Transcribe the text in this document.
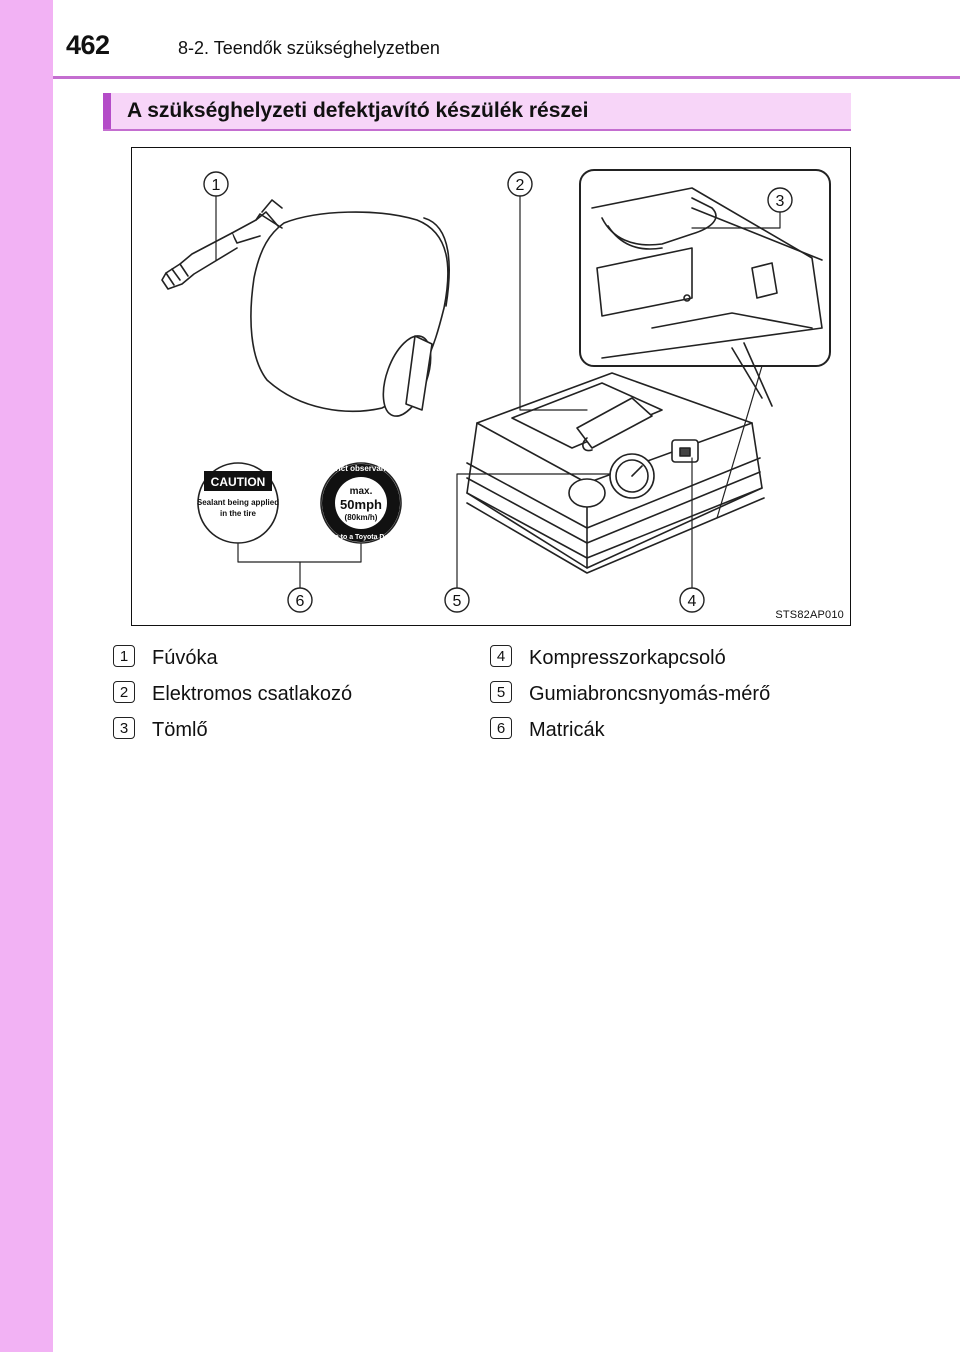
462	8-2. Teendők szükséghelyzetben
A szükséghelyzeti defektjavító készülék részei
CAUTION
Sealant being applied
in the tire
Strict observance
max.
50mph
(80km/h)
Drive to a Toyota Dealer
1	2
3
4
5
6
STS82AP010
1	Fúvóka
2	Elektromos csatlakozó
3	Tömlő
4	Kompresszorkapcsoló
5	Gumiabroncsnyomás-mérő
6	Matricák
